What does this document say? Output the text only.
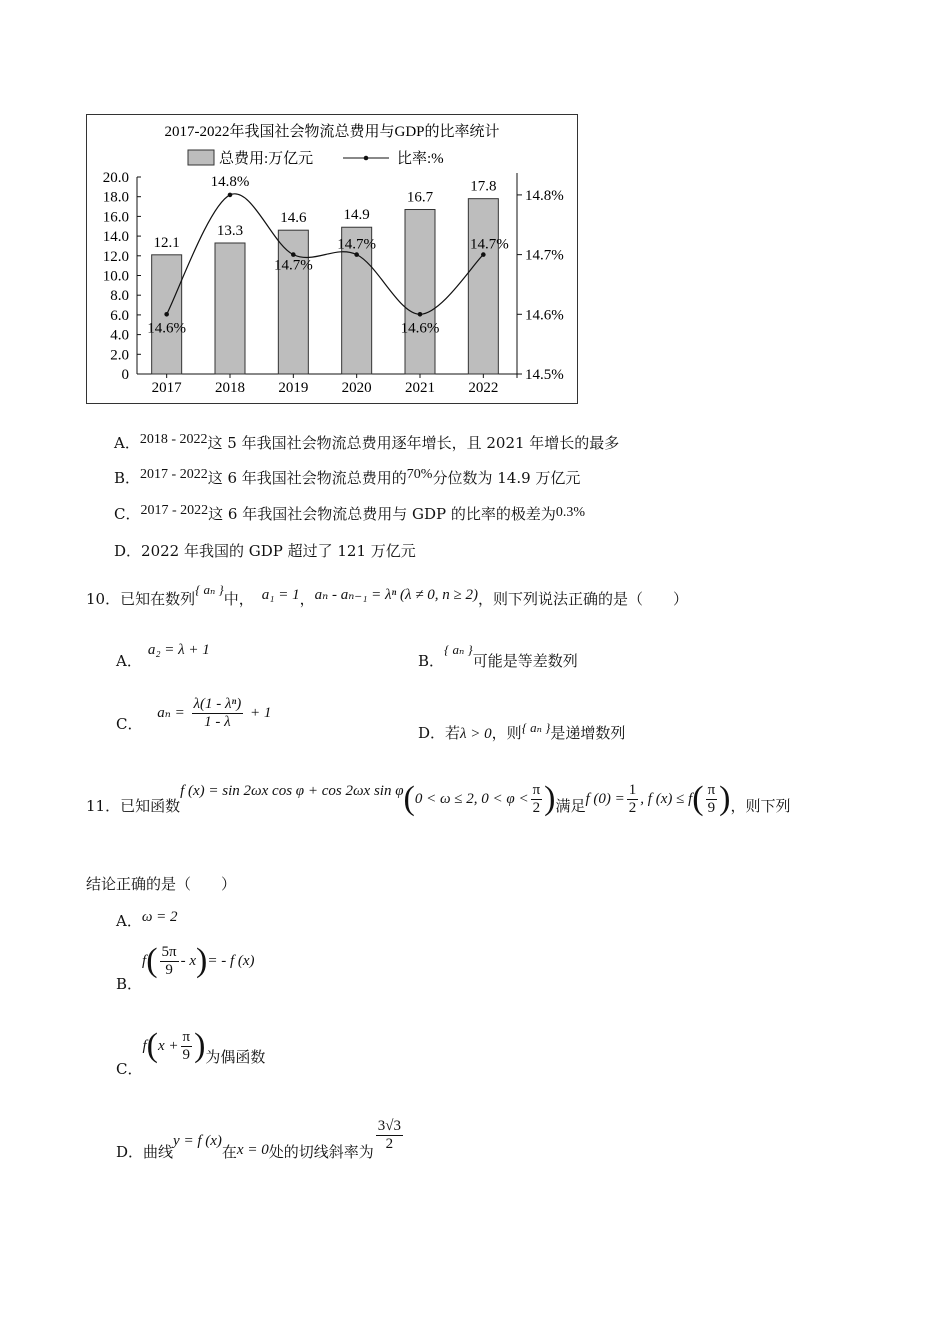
2017-2022年我国社会物流总费用与GDP的比率统计
总费用:万亿元	比率:%
20.0
18.0
16.0
14.0
12.0
10.0
8.0
6.0
4.0
2.0
0
14.8%
14.7%
14.6%
14.5%
12.1
2017
13.3
2018
14.6
2019
14.9
2020
16.7
2021
17.8
2022
14.6%
14.8%
14.7%
14.7%
14.6%
14.7%
A．2018 - 2022这 5 年我国社会物流总费用逐年增长，且 2021 年增长的最多
B．2017 - 2022这 6 年我国社会物流总费用的70%分位数为 14.9 万亿元
C．2017 - 2022这 6 年我国社会物流总费用与 GDP 的比率的极差为0.3%
D．2022 年我国的 GDP 超过了 121 万亿元
10．已知在数列{ aₙ }中， a₁ = 1，aₙ - aₙ₋₁ = λⁿ (λ ≠ 0, n ≥ 2)，则下列说法正确的是（　　）
A．a₂ = λ + 1
B．{ aₙ }可能是等差数列
C． $a_n = \frac{\text{λ(1 - λⁿ)}}{1 - \lambda} + 1$
D．若λ > 0，则{ aₙ }是递增数列
11．已知函数f (x) = sin 2ωx cos φ + cos 2ωx sin φ(0 < ω ≤ 2, $0 < \varphi < \frac{\pi}{2}$ )满足f $(0) = \frac{1}{2}$ , f $(x) \le f( \frac{\pi}{9}$ )，则下列
结论正确的是（　　）
A．ω = 2
B．$f( \frac{5\pi}{9} - x)= - f$ (x)
C．$f(x + \frac{\pi}{9}$ )为偶函数
D．曲线y = f (x)在x = 0处的切线斜率为 $\frac{3√3}{2}$
